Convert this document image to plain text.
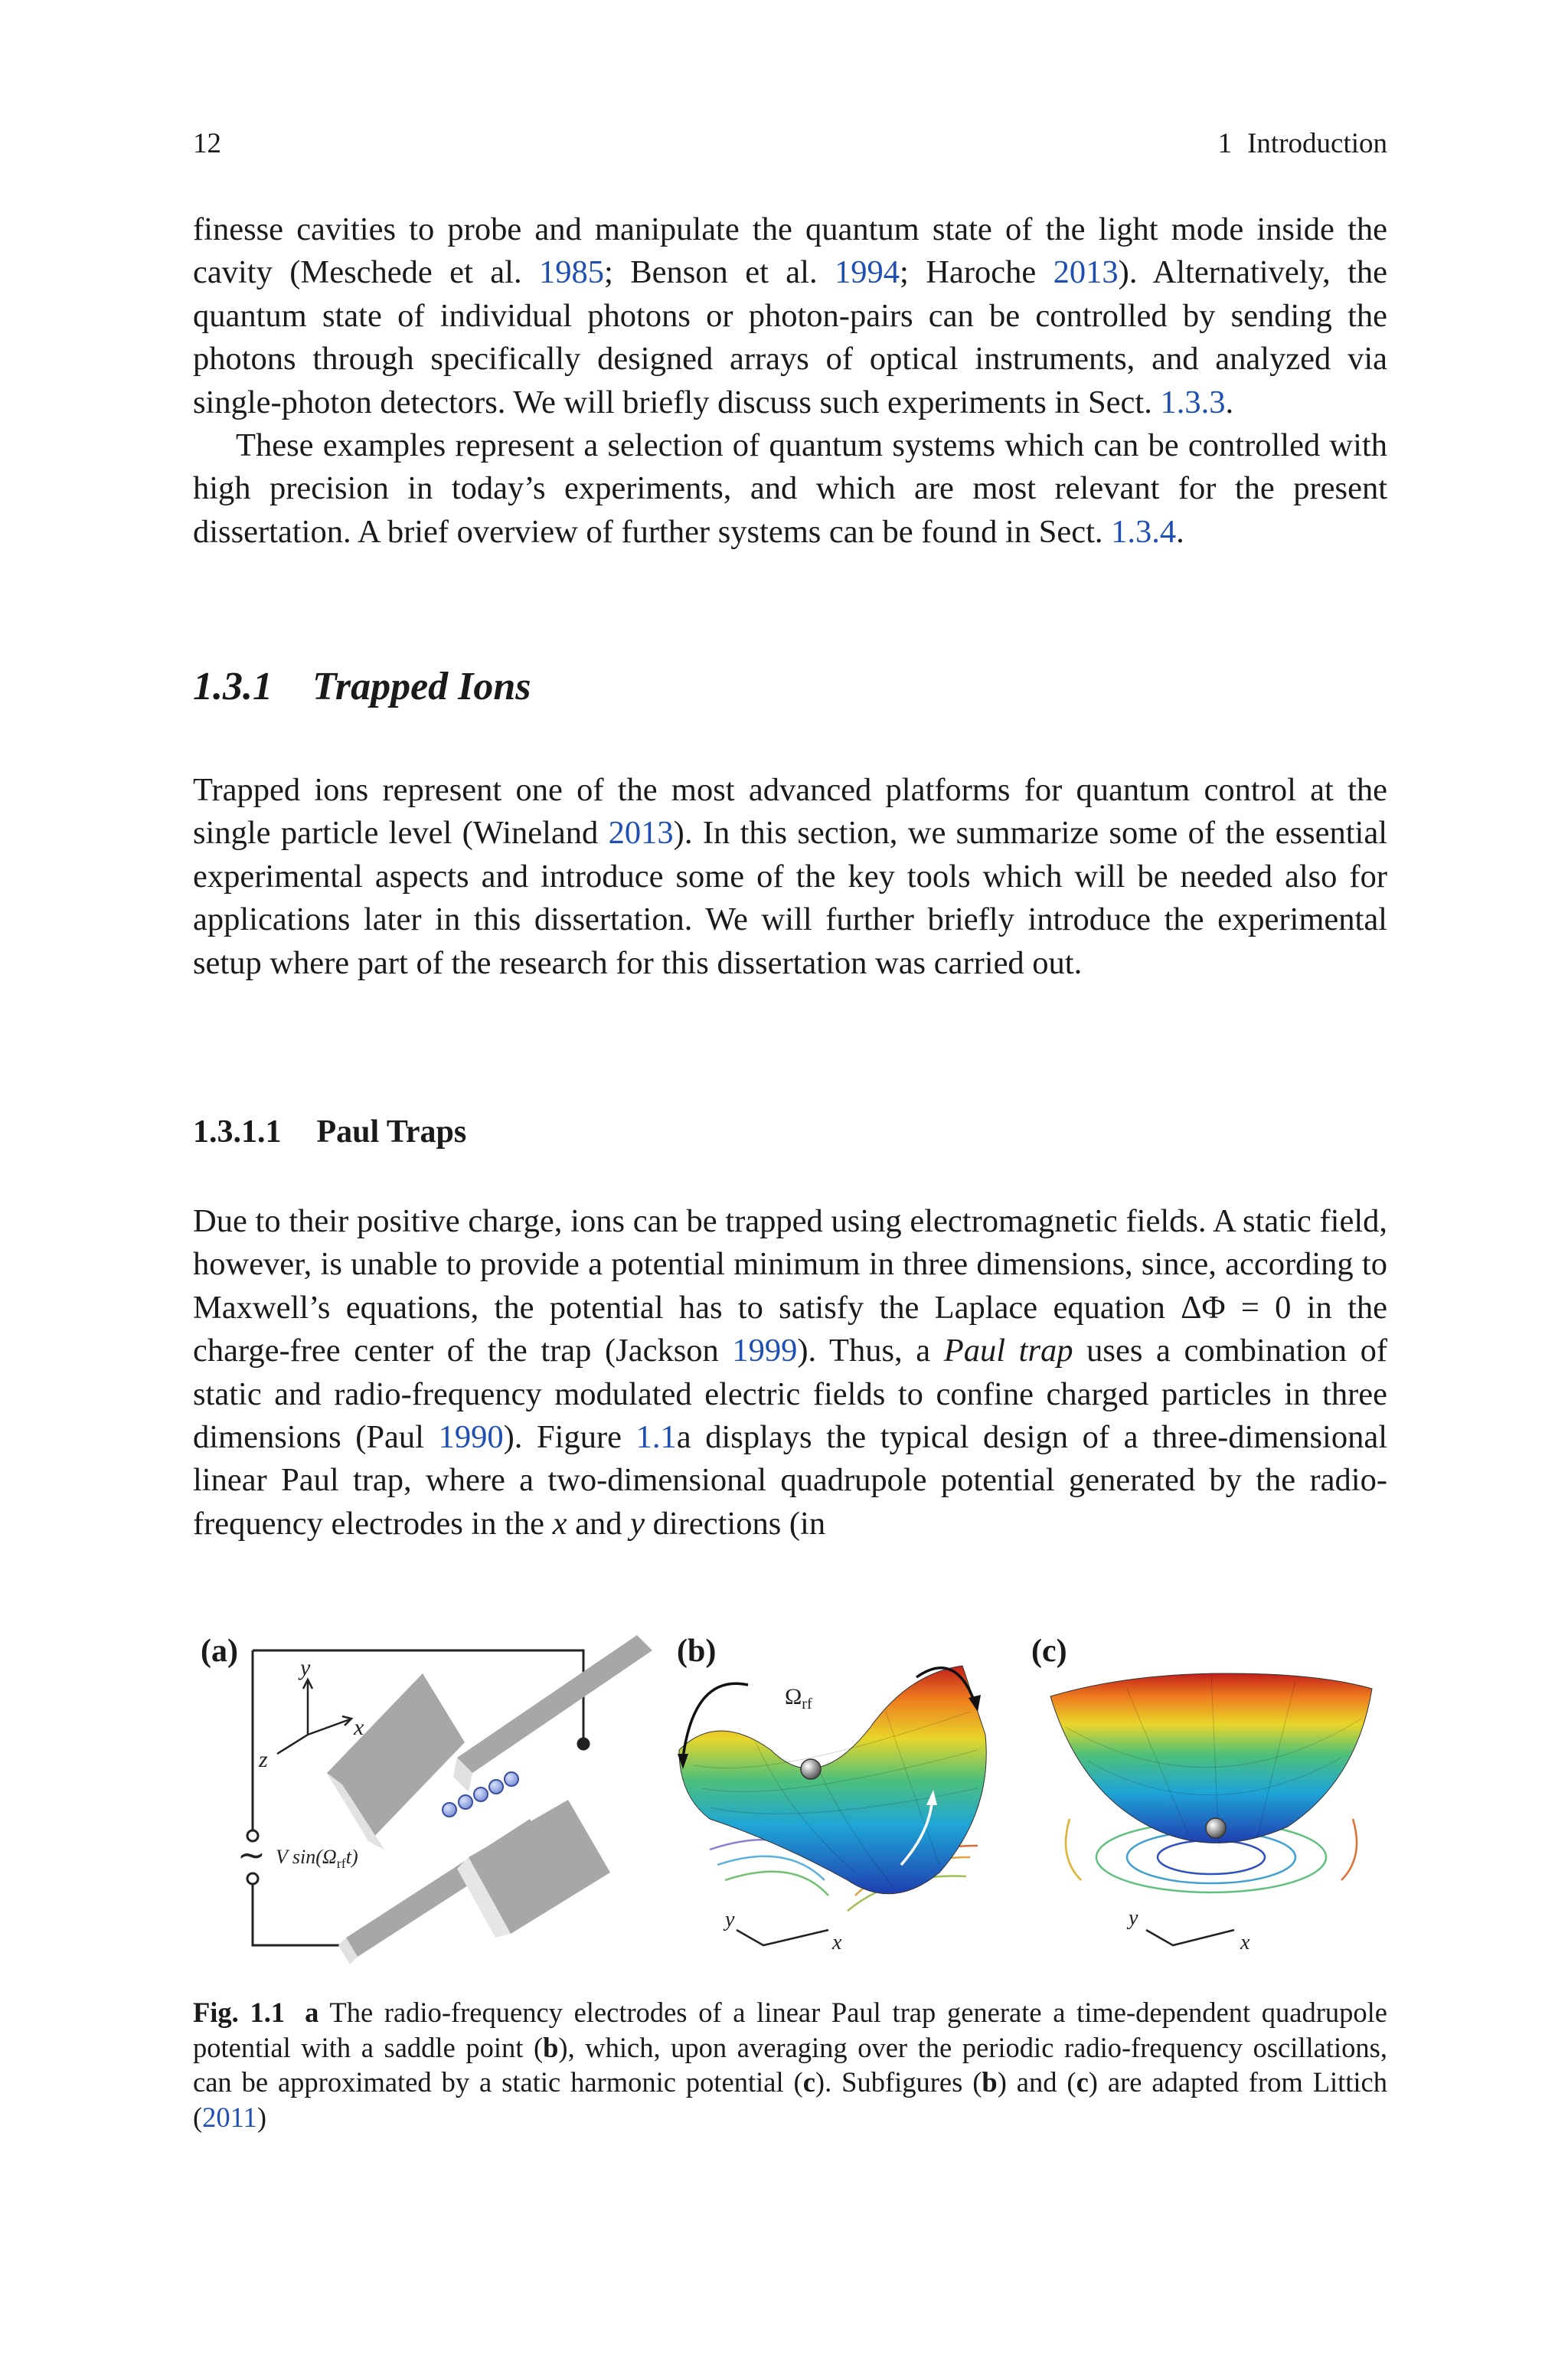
12	1 Introduction

finesse cavities to probe and manipulate the quantum state of the light mode inside the cavity (Meschede et al. 1985; Benson et al. 1994; Haroche 2013). Alternatively, the quantum state of individual photons or photon-pairs can be controlled by sending the photons through specifically designed arrays of optical instruments, and analyzed via single-photon detectors. We will briefly discuss such experiments in Sect. 1.3.3.

These examples represent a selection of quantum systems which can be controlled with high precision in today’s experiments, and which are most relevant for the present dissertation. A brief overview of further systems can be found in Sect. 1.3.4.

1.3.1 Trapped Ions

Trapped ions represent one of the most advanced platforms for quantum control at the single particle level (Wineland 2013). In this section, we summarize some of the essential experimental aspects and introduce some of the key tools which will be needed also for applications later in this dissertation. We will further briefly introduce the experimental setup where part of the research for this dissertation was carried out.

1.3.1.1 Paul Traps

Due to their positive charge, ions can be trapped using electromagnetic fields. A static field, however, is unable to provide a potential minimum in three dimensions, since, according to Maxwell’s equations, the potential has to satisfy the Laplace equation ΔΦ = 0 in the charge-free center of the trap (Jackson 1999). Thus, a Paul trap uses a combination of static and radio-frequency modulated electric fields to confine charged particles in three dimensions (Paul 1990). Figure 1.1a displays the typical design of a three-dimensional linear Paul trap, where a two-dimensional quadrupole potential generated by the radio-frequency electrodes in the x and y directions (in

(a)	y
x
z
∼ V $\sin(\Omega_{rf}t)$
(b)
$\Omega_{rf}$
y
x
(c)
y
x

Fig. 1.1 a The radio-frequency electrodes of a linear Paul trap generate a time-dependent quadrupole potential with a saddle point (b), which, upon averaging over the periodic radio-frequency oscillations, can be approximated by a static harmonic potential (c). Subfigures (b) and (c) are adapted from Littich (2011)
